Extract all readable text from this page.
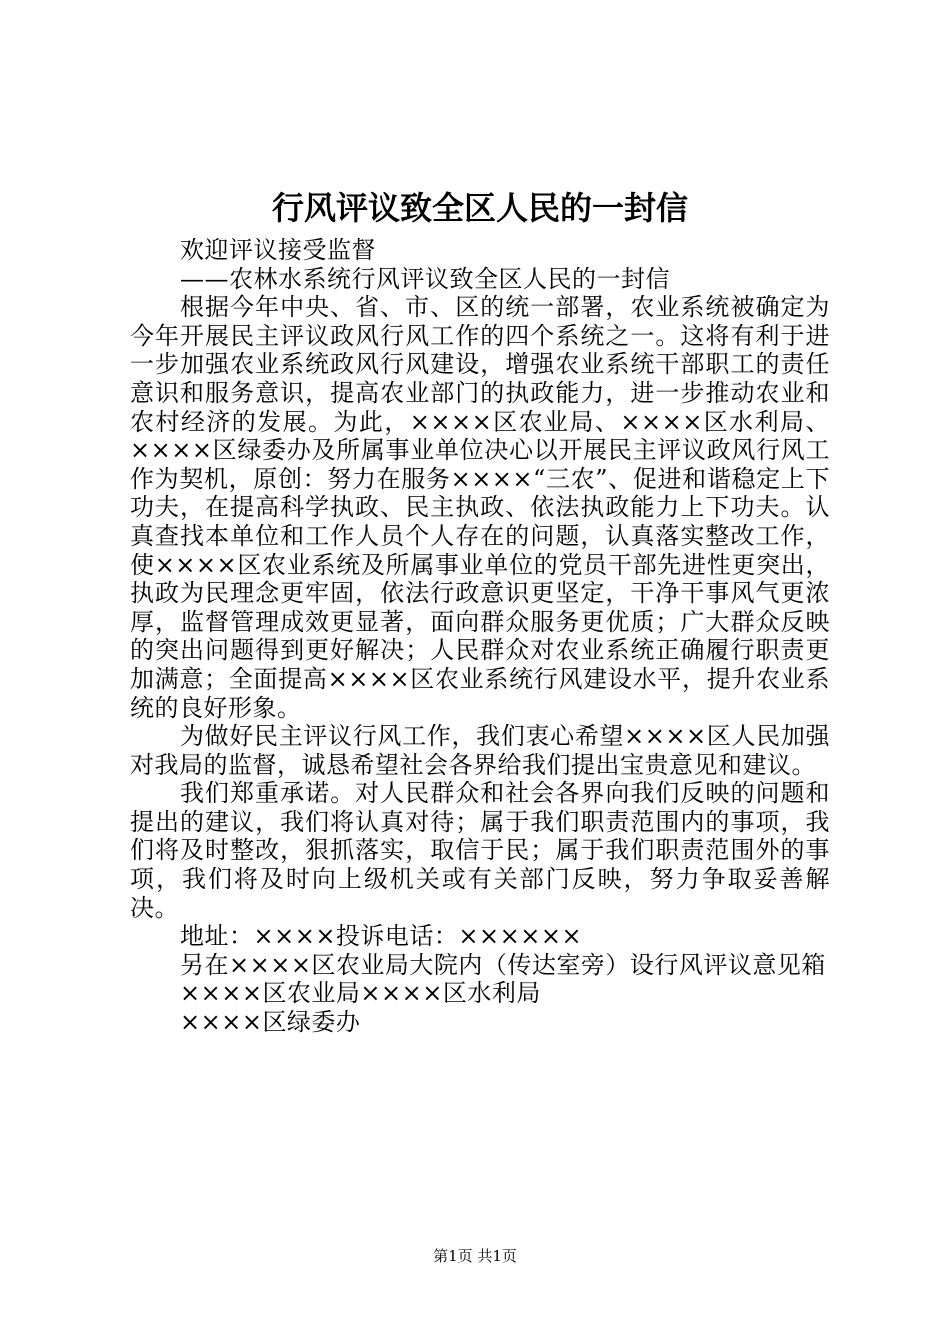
行风评议致全区人民的一封信

欢迎评议接受监督

——农林水系统行风评议致全区人民的一封信

根据今年中央、省、市、区的统一部署，农业系统被确定为今年开展民主评议政风行风工作的四个系统之一。这将有利于进一步加强农业系统政风行风建设，增强农业系统干部职工的责任意识和服务意识，提高农业部门的执政能力，进一步推动农业和农村经济的发展。为此，××××区农业局、××××区水利局、××××区绿委办及所属事业单位决心以开展民主评议政风行风工作为契机，原创：努力在服务××××“三农”、促进和谐稳定上下功夫，在提高科学执政、民主执政、依法执政能力上下功夫。认真查找本单位和工作人员个人存在的问题，认真落实整改工作，使××××区农业系统及所属事业单位的党员干部先进性更突出，执政为民理念更牢固，依法行政意识更坚定，干净干事风气更浓厚，监督管理成效更显著，面向群众服务更优质；广大群众反映的突出问题得到更好解决；人民群众对农业系统正确履行职责更加满意；全面提高××××区农业系统行风建设水平，提升农业系统的良好形象。

为做好民主评议行风工作，我们衷心希望××××区人民加强对我局的监督，诚恳希望社会各界给我们提出宝贵意见和建议。

我们郑重承诺。对人民群众和社会各界向我们反映的问题和提出的建议，我们将认真对待；属于我们职责范围内的事项，我们将及时整改，狠抓落实，取信于民；属于我们职责范围外的事项，我们将及时向上级机关或有关部门反映，努力争取妥善解决。

地址：××××投诉电话：××××××

另在××××区农业局大院内（传达室旁）设行风评议意见箱

××××区农业局××××区水利局

××××区绿委办

第1页 共1页
